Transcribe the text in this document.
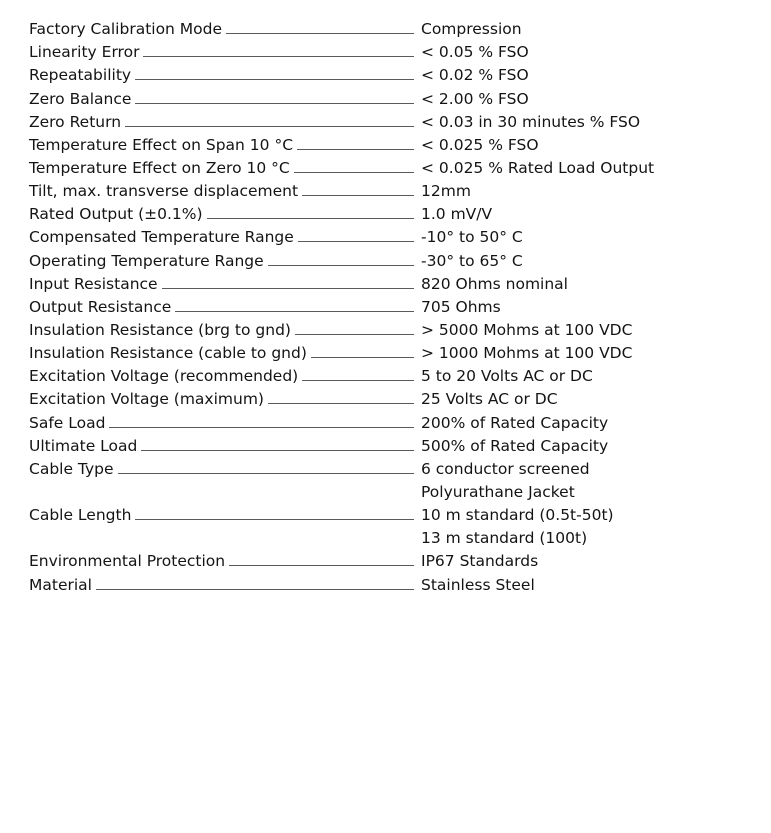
Factory Calibration Mode	Compression
Linearity Error	< 0.05 % FSO
Repeatability	< 0.02 % FSO
Zero Balance	< 2.00 % FSO
Zero Return	< 0.03 in 30 minutes % FSO
Temperature Effect on Span 10 °C	< 0.025 % FSO
Temperature Effect on Zero 10 °C	< 0.025 % Rated Load Output
Tilt, max. transverse displacement	12mm
Rated Output (±0.1%)	1.0 mV/V
Compensated Temperature Range	-10° to 50° C
Operating Temperature Range	-30° to 65° C
Input Resistance	820 Ohms nominal
Output Resistance	705 Ohms
Insulation Resistance (brg to gnd)	> 5000 Mohms at 100 VDC
Insulation Resistance (cable to gnd)	> 1000 Mohms at 100 VDC
Excitation Voltage (recommended)	5 to 20 Volts AC or DC
Excitation Voltage (maximum)	25 Volts AC or DC
Safe Load	200% of Rated Capacity
Ultimate Load	500% of Rated Capacity
Cable Type	6 conductor screened
Polyurathane Jacket
Cable Length	10 m standard (0.5t-50t)
13 m standard (100t)
Environmental Protection	IP67 Standards
Material	Stainless Steel
